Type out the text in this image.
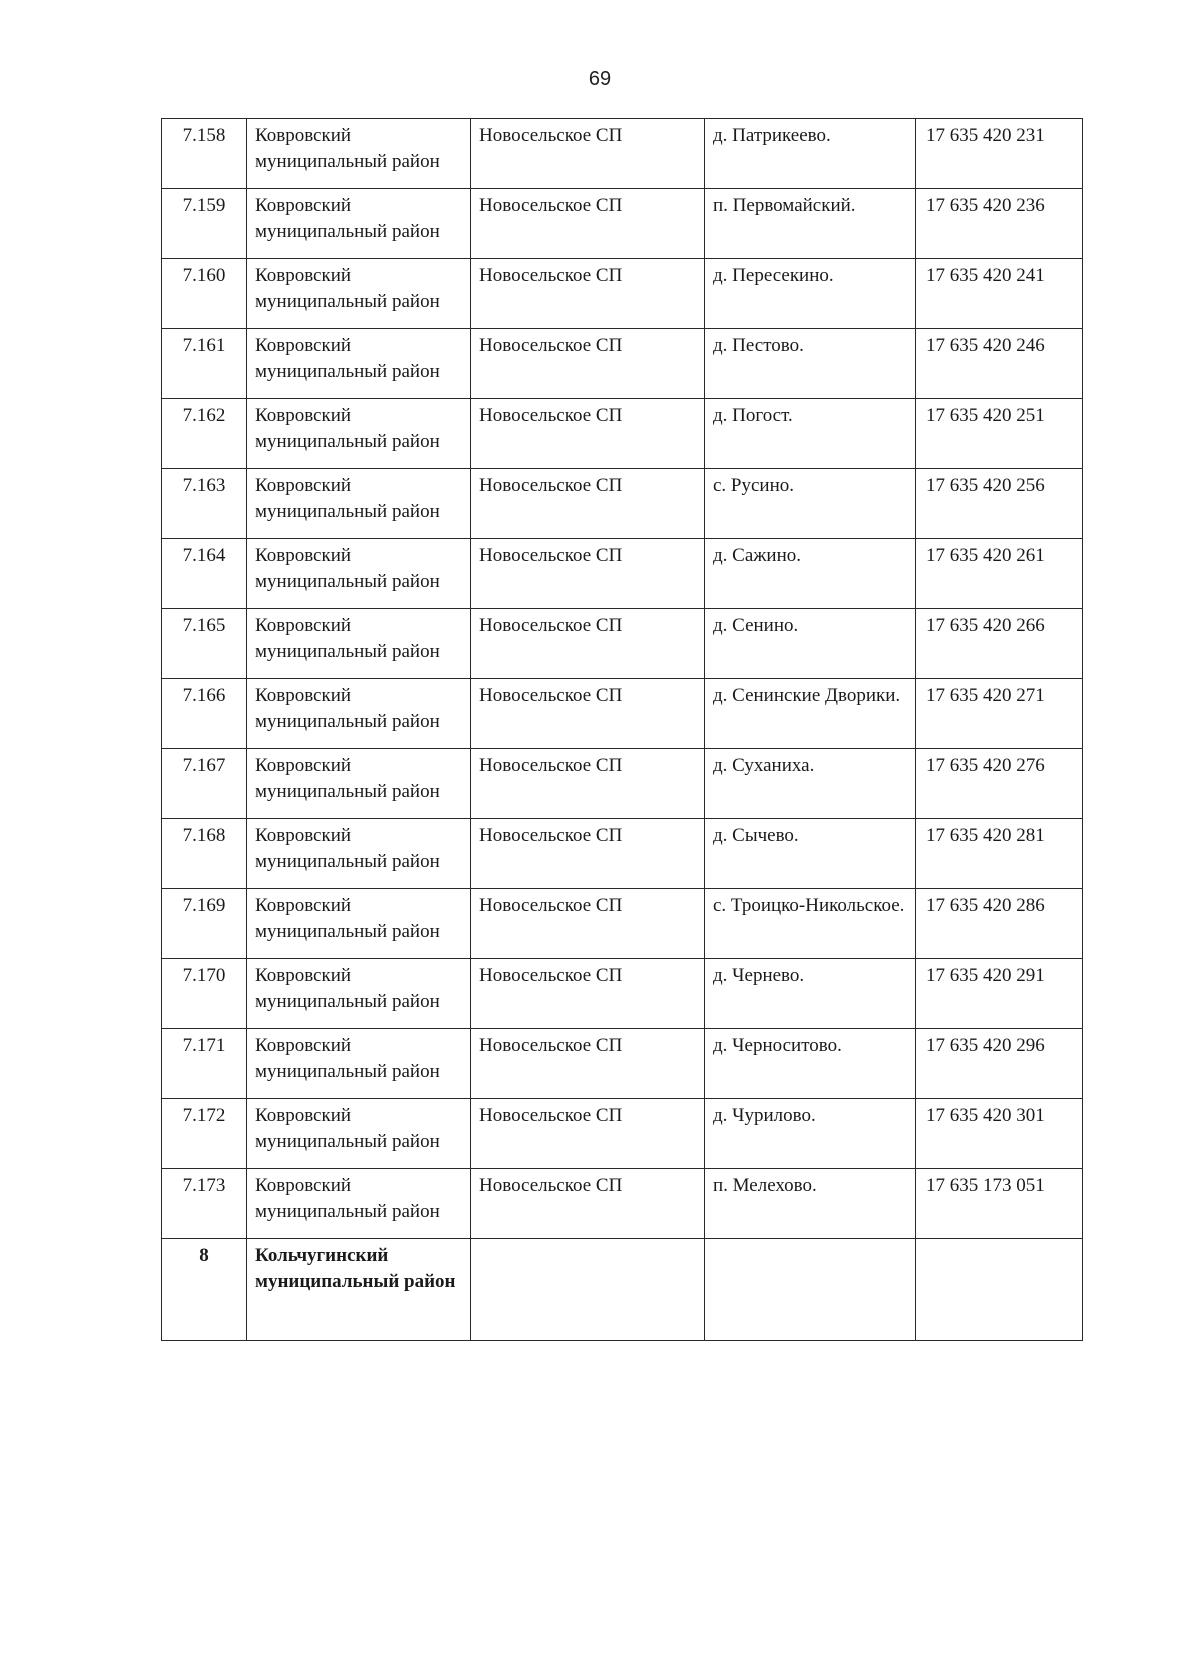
69
7.158	Ковровский муниципальный район	Новосельское СП	д. Патрикеево.	17 635 420 231
7.159	Ковровский муниципальный район	Новосельское СП	п. Первомайский.	17 635 420 236
7.160	Ковровский муниципальный район	Новосельское СП	д. Пересекино.	17 635 420 241
7.161	Ковровский муниципальный район	Новосельское СП	д. Пестово.	17 635 420 246
7.162	Ковровский муниципальный район	Новосельское СП	д. Погост.	17 635 420 251
7.163	Ковровский муниципальный район	Новосельское СП	с. Русино.	17 635 420 256
7.164	Ковровский муниципальный район	Новосельское СП	д. Сажино.	17 635 420 261
7.165	Ковровский муниципальный район	Новосельское СП	д. Сенино.	17 635 420 266
7.166	Ковровский муниципальный район	Новосельское СП	д. Сенинские Дворики.	17 635 420 271
7.167	Ковровский муниципальный район	Новосельское СП	д. Суханиха.	17 635 420 276
7.168	Ковровский муниципальный район	Новосельское СП	д. Сычево.	17 635 420 281
7.169	Ковровский муниципальный район	Новосельское СП	с. Троицко-Никольское.	17 635 420 286
7.170	Ковровский муниципальный район	Новосельское СП	д. Чернево.	17 635 420 291
7.171	Ковровский муниципальный район	Новосельское СП	д. Черноситово.	17 635 420 296
7.172	Ковровский муниципальный район	Новосельское СП	д. Чурилово.	17 635 420 301
7.173	Ковровский муниципальный район	Новосельское СП	п. Мелехово.	17 635 173 051
8	Кольчугинский муниципальный район			
